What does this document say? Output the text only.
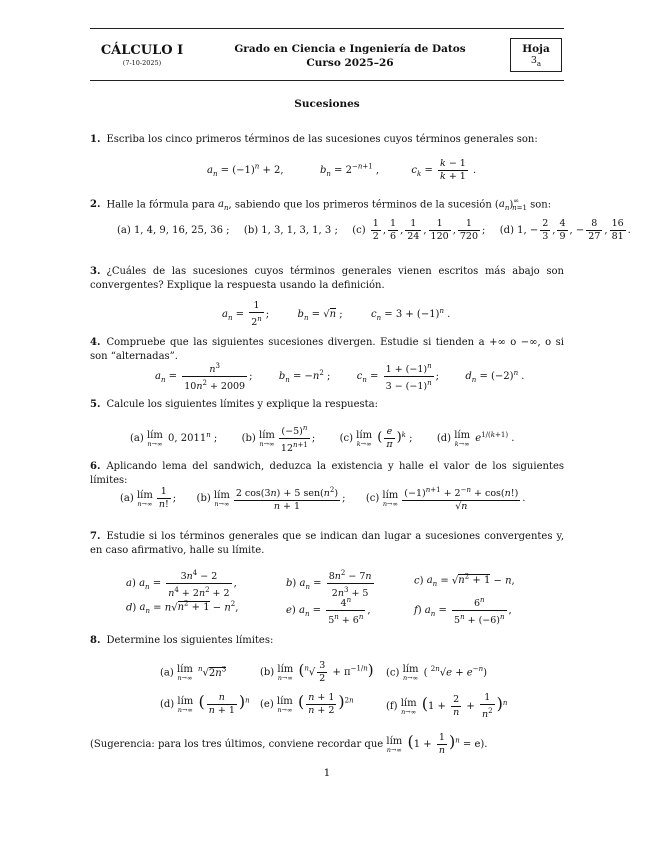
CÁLCULO I
(7-10-2025)
Grado en Ciencia e Ingeniería de Datos
Curso 2025–26
Hoja
$3_a$
Sucesiones
1. Escriba los cinco primeros términos de las sucesiones cuyos términos generales son:
$a_n = (-1)^n + 2$,	$b_n = 2^{-n+1}$ ,	$c_k = \frac{k - 1}{k + 1}$ .
2. Halle la fórmula para $a_n$, sabiendo que los primeros términos de la sucesión $(a_n)^\infty_{n=1}$ son:
(a) 1, 4, 9, 16, 25, 36 ; (b) 1, 3, 1, 3, 1, 3 ; $(c) \frac{1}{2}$ , $\frac{1}{6}$ , $\frac{1}{24}$ , $\frac{1}{120}$ , $\frac{1}{720}$ ;  (d) 1, − $\frac{2}{3}$ , $\frac{4}{9}$ , − $\frac{8}{27}$ , $\frac{16}{81}$ .
3. ¿Cuáles de las sucesiones cuyos términos generales vienen escritos más abajo son convergentes? Explique la respuesta usando la definición.
$a_n = \frac{1}{2^n}$ ;	$b_n = √n$ ;	$c_n = 3 + (-1)^n$ .
4. Compruebe que las siguientes sucesiones divergen. Estudie si tienden a +∞ o −∞, o si son “alternadas”.
$a_n = \frac{n^3}{10n^2 + 2009}$ ;  $b_n = -n^2$ ;  $c_n = \frac{1 + (-1)^n}{3 - (-1)^n}$ ;  $d_n = (-2)^n$ .
5. Calcule los siguientes límites y explique la respuesta:
(a) lím
n→∞ 0, 2011$^n$ ;  (b) lím
$n\to\infty \frac{(-5)^n}{12^{n+1}}$ ;  (c) lím
k→∞ ( $\frac{e}{\pi} )^k$ ;  (d) lím
k→∞ $e^{1/(k+1)}$ .
6. Aplicando lema del sandwich, deduzca la existencia y halle el valor de los siguientes límites:
(a) lím
$n\to\infty \frac{1}{n!}$ ;  (b) lím
$n\to\infty \frac{2 \cos(3n) + 5 sen(n^2)}{n + 1}$ ;  (c) lím
$n\to\infty \frac{(-1)^{n+1} + 2^{-n} + \cos(n!)}{√n}$ .
7. Estudie si los términos generales que se indican dan lugar a sucesiones convergentes y, en caso afirmativo, halle su límite.
a) $a_n = \frac{3n^4 - 2}{n^4 + 2n^2 + 2}$ ,	b) $a_n = \frac{8n^2 - 7n}{2n^3 + 5}$	c) $a_n = √n^2 + 1 - n$,
d) $a_n = n√n^2 + 1 - n^2$,	e) $a_n = \frac{4^n}{5^n + 6^n}$ ,	f) $a_n = \frac{6^n}{5^n + (-6)^n}$ ,
8. Determine los siguientes límites:
(a) lím
n→∞
$^n√2n^3$	(b) lím
n→∞ $(^n√ \frac{3}{2} + \pi^{-1/n})$ (c) lím
n→∞ ( $^{2n}√e + e^{-n}$)
(d) lím
n→∞ ( $\frac{n}{n + 1} )^n$ (e) lím
n→∞ ( $\frac{n + 1}{n + 2} )^{2n}$
(f) lím
n→∞ $(1 + \frac{2}{n} + \frac{1}{n^2} )^n$
(Sugerencia: para los tres últimos, conviene recordar que lím
n→∞ $(1 + \frac{1}{n} )^n = e$).
1
